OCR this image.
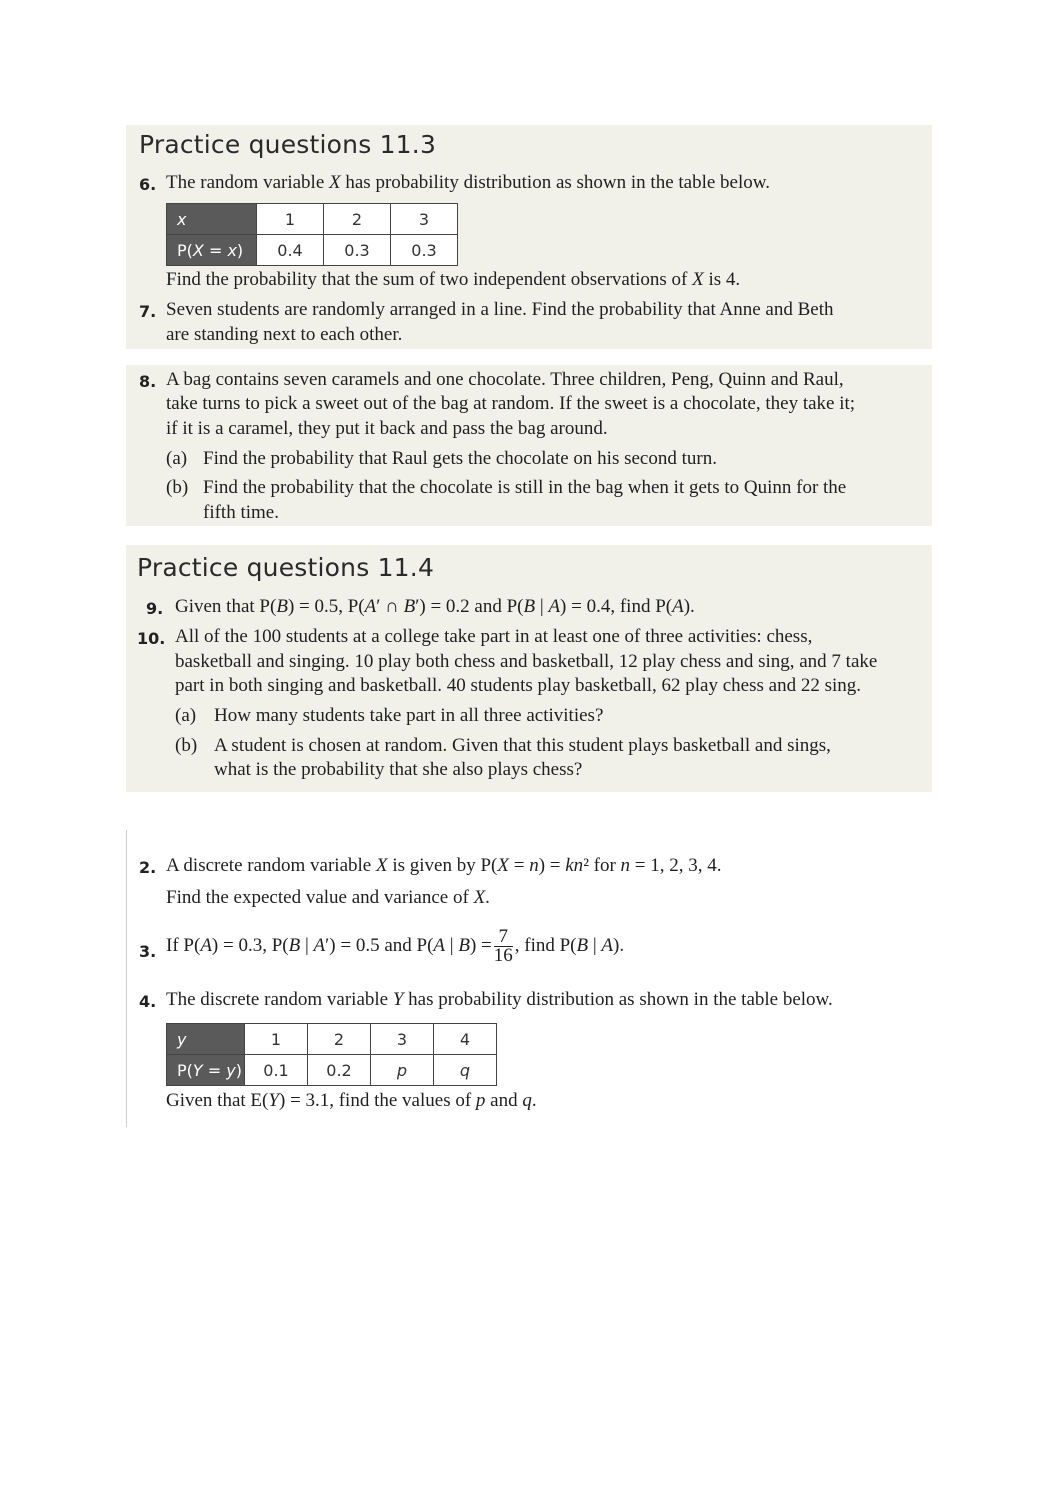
Practice questions 11.3
6. The random variable X has probability distribution as shown in the table below.
x	1	2	3
P(X = x)	0.4	0.3	0.3
Find the probability that the sum of two independent observations of X is 4.
7. Seven students are randomly arranged in a line. Find the probability that Anne and Beth
are standing next to each other.
8. A bag contains seven caramels and one chocolate. Three children, Peng, Quinn and Raul,
take turns to pick a sweet out of the bag at random. If the sweet is a chocolate, they take it;
if it is a caramel, they put it back and pass the bag around.
(a) Find the probability that Raul gets the chocolate on his second turn.
(b) Find the probability that the chocolate is still in the bag when it gets to Quinn for the
fifth time.
Practice questions 11.4
9. Given that P(B) = 0.5, P(A′ ∩ B′) = 0.2 and P(B | A) = 0.4, find P(A).
10. All of the 100 students at a college take part in at least one of three activities: chess,
basketball and singing. 10 play both chess and basketball, 12 play chess and sing, and 7 take
part in both singing and basketball. 40 students play basketball, 62 play chess and 22 sing.
(a) How many students take part in all three activities?
(b) A student is chosen at random. Given that this student plays basketball and sings,
what is the probability that she also plays chess?
2. A discrete random variable X is given by P(X = n) = kn² for n = 1, 2, 3, 4.
Find the expected value and variance of X.
3. If P(A) = 0.3, P(B | A′) = 0.5 and P(A | $B) = \frac{7}{16}$ , find P(B | A).
4. The discrete random variable Y has probability distribution as shown in the table below.
y	1	2	3	4
P(Y = y)	0.1	0.2	p	q
Given that E(Y) = 3.1, find the values of p and q.
